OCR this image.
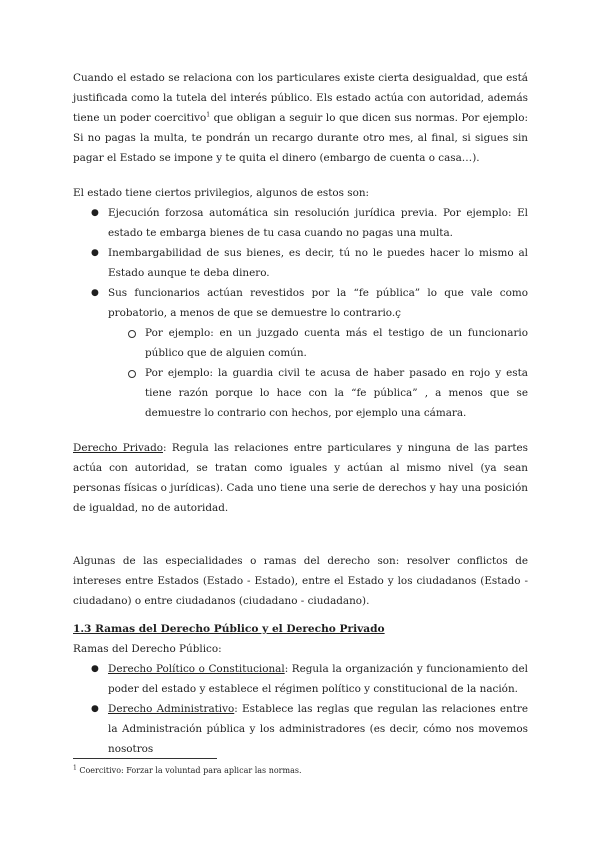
Cuando el estado se relaciona con los particulares existe cierta desigualdad, que está justificada como la tutela del interés público. Els estado actúa con autoridad, además tiene un poder coercitivo$^1$ que obligan a seguir lo que dicen sus normas. Por ejemplo: Si no pagas la multa, te pondrán un recargo durante otro mes, al final, si sigues sin pagar el Estado se impone y te quita el dinero (embargo de cuenta o casa…).

El estado tiene ciertos privilegios, algunos de estos son:

● Ejecución forzosa automática sin resolución jurídica previa. Por ejemplo: El estado te embarga bienes de tu casa cuando no pagas una multa.

● Inembargabilidad de sus bienes, es decir, tú no le puedes hacer lo mismo al Estado aunque te deba dinero.

● Sus funcionarios actúan revestidos por la “fe pública” lo que vale como probatorio, a menos de que se demuestre lo contrario.ç

Por ejemplo: en un juzgado cuenta más el testigo de un funcionario público que de alguien común.

Por ejemplo: la guardia civil te acusa de haber pasado en rojo y esta tiene razón porque lo hace con la “fe pública” , a menos que se demuestre lo contrario con hechos, por ejemplo una cámara.

Derecho Privado: Regula las relaciones entre particulares y ninguna de las partes actúa con autoridad, se tratan como iguales y actúan al mismo nivel (ya sean personas físicas o jurídicas). Cada uno tiene una serie de derechos y hay una posición de igualdad, no de autoridad.

Algunas de las especialidades o ramas del derecho son: resolver conflictos de intereses entre Estados (Estado - Estado), entre el Estado y los ciudadanos (Estado - ciudadano) o entre ciudadanos (ciudadano - ciudadano).

1.3 Ramas del Derecho Público y el Derecho Privado

Ramas del Derecho Público:

● Derecho Político o Constitucional: Regula la organización y funcionamiento del poder del estado y establece el régimen político y constitucional de la nación.

● Derecho Administrativo: Establece las reglas que regulan las relaciones entre la Administración pública y los administradores (es decir, cómo nos movemos nosotros

$^1$ Coercitivo: Forzar la voluntad para aplicar las normas.
